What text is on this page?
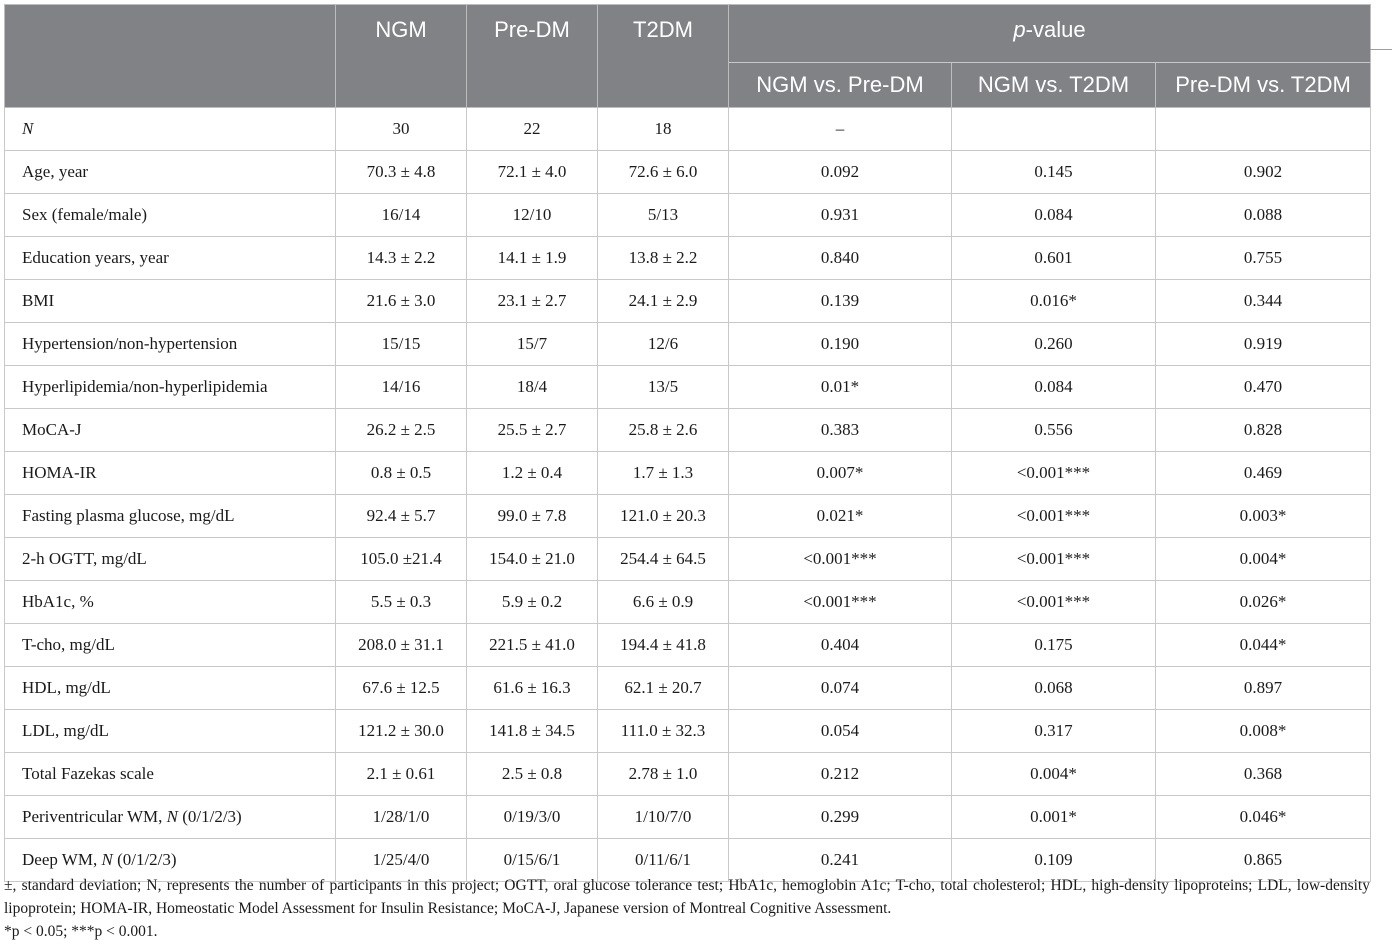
	NGM	Pre-DM	T2DM	p-value		
				NGM vs. Pre-DM	NGM vs. T2DM	Pre-DM vs. T2DM
N	30	22	18	–		
Age, year	70.3 ± 4.8	72.1 ± 4.0	72.6 ± 6.0	0.092	0.145	0.902
Sex (female/male)	16/14	12/10	5/13	0.931	0.084	0.088
Education years, year	14.3 ± 2.2	14.1 ± 1.9	13.8 ± 2.2	0.840	0.601	0.755
BMI	21.6 ± 3.0	23.1 ± 2.7	24.1 ± 2.9	0.139	0.016*	0.344
Hypertension/non-hypertension	15/15	15/7	12/6	0.190	0.260	0.919
Hyperlipidemia/non-hyperlipidemia	14/16	18/4	13/5	0.01*	0.084	0.470
MoCA-J	26.2 ± 2.5	25.5 ± 2.7	25.8 ± 2.6	0.383	0.556	0.828
HOMA-IR	0.8 ± 0.5	1.2 ± 0.4	1.7 ± 1.3	0.007*	<0.001***	0.469
Fasting plasma glucose, mg/dL	92.4 ± 5.7	99.0 ± 7.8	121.0 ± 20.3	0.021*	<0.001***	0.003*
2-h OGTT, mg/dL	105.0 ±21.4	154.0 ± 21.0	254.4 ± 64.5	<0.001***	<0.001***	0.004*
HbA1c, %	5.5 ± 0.3	5.9 ± 0.2	6.6 ± 0.9	<0.001***	<0.001***	0.026*
T-cho, mg/dL	208.0 ± 31.1	221.5 ± 41.0	194.4 ± 41.8	0.404	0.175	0.044*
HDL, mg/dL	67.6 ± 12.5	61.6 ± 16.3	62.1 ± 20.7	0.074	0.068	0.897
LDL, mg/dL	121.2 ± 30.0	141.8 ± 34.5	111.0 ± 32.3	0.054	0.317	0.008*
Total Fazekas scale	2.1 ± 0.61	2.5 ± 0.8	2.78 ± 1.0	0.212	0.004*	0.368
Periventricular WM, N (0/1/2/3)	1/28/1/0	0/19/3/0	1/10/7/0	0.299	0.001*	0.046*
Deep WM, N (0/1/2/3)	1/25/4/0	0/15/6/1	0/11/6/1	0.241	0.109	0.865

±, standard deviation; N, represents the number of participants in this project; OGTT, oral glucose tolerance test; HbA1c, hemoglobin A1c; T-cho, total cholesterol; HDL, high-density lipoproteins; LDL, low-density lipoprotein; HOMA-IR, Homeostatic Model Assessment for Insulin Resistance; MoCA-J, Japanese version of Montreal Cognitive Assessment.

*p < 0.05; ***p < 0.001.
